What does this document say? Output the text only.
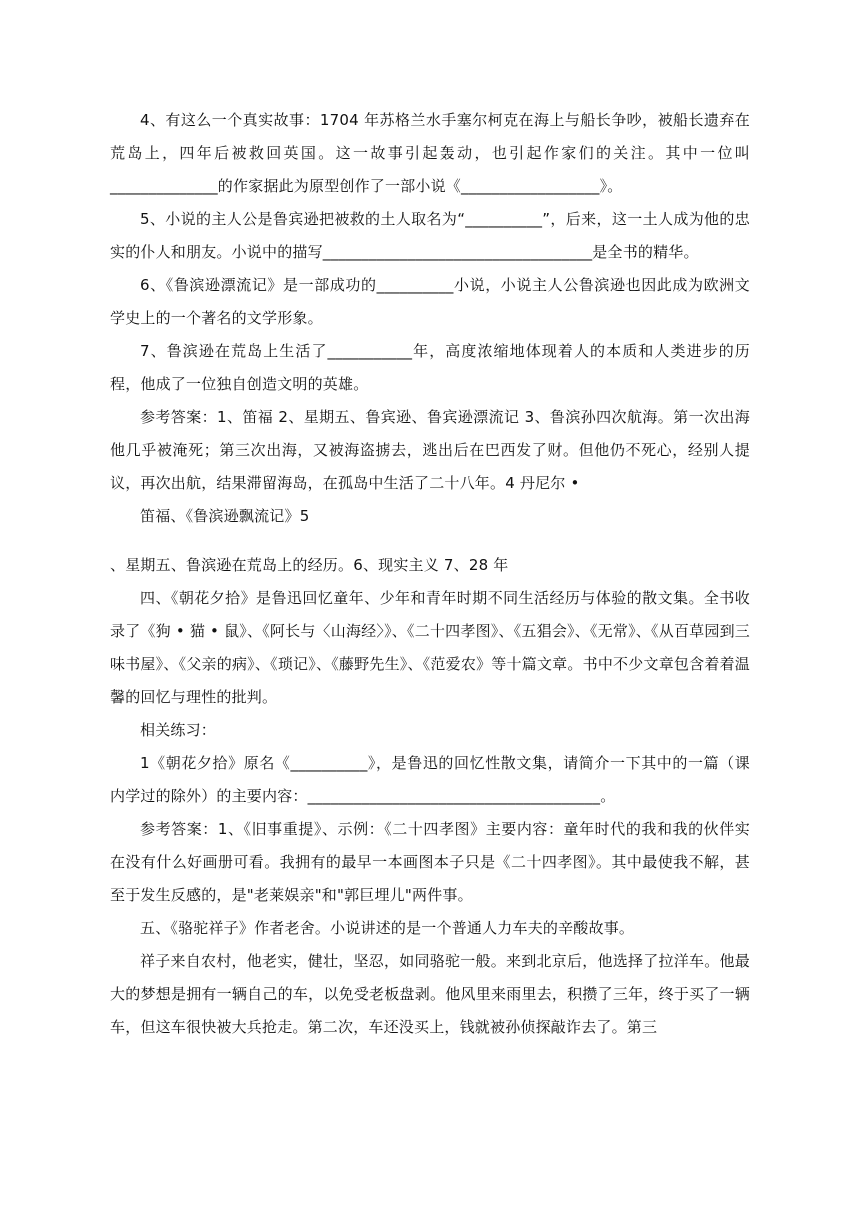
4、有这么一个真实故事：1704 年苏格兰水手塞尔柯克在海上与船长争吵，被船长遗弃在荒岛上，四年后被救回英国。这一故事引起轰动，也引起作家们的关注。其中一位叫______________的作家据此为原型创作了一部小说《__________________》。

5、小说的主人公是鲁宾逊把被救的土人取名为“__________”，后来，这一土人成为他的忠实的仆人和朋友。小说中的描写___________________________________是全书的精华。

6、《鲁滨逊漂流记》是一部成功的__________小说，小说主人公鲁滨逊也因此成为欧洲文学史上的一个著名的文学形象。

7、鲁滨逊在荒岛上生活了___________年，高度浓缩地体现着人的本质和人类进步的历程，他成了一位独自创造文明的英雄。

参考答案：1、笛福 2、星期五、鲁宾逊、鲁宾逊漂流记 3、鲁滨孙四次航海。第一次出海他几乎被淹死；第三次出海，又被海盗掳去，逃出后在巴西发了财。但他仍不死心，经别人提议，再次出航，结果滞留海岛，在孤岛中生活了二十八年。4 丹尼尔 •

笛福、《鲁滨逊飘流记》5

、星期五、鲁滨逊在荒岛上的经历。6、现实主义 7、28 年

四、《朝花夕拾》是鲁迅回忆童年、少年和青年时期不同生活经历与体验的散文集。全书收录了《狗 • 猫 • 鼠》、《阿长与〈山海经〉》、《二十四孝图》、《五猖会》、《无常》、《从百草园到三味书屋》、《父亲的病》、《琐记》、《藤野先生》、《范爱农》等十篇文章。书中不少文章包含着着温馨的回忆与理性的批判。

相关练习：

1《朝花夕拾》原名《__________》，是鲁迅的回忆性散文集，请简介一下其中的一篇（课内学过的除外）的主要内容：______________________________________。

参考答案：1、《旧事重提》、示例：《二十四孝图》主要内容：童年时代的我和我的伙伴实在没有什么好画册可看。我拥有的最早一本画图本子只是《二十四孝图》。其中最使我不解，甚至于发生反感的，是"老莱娱亲"和"郭巨埋儿"两件事。

五、《骆驼祥子》作者老舍。小说讲述的是一个普通人力车夫的辛酸故事。

祥子来自农村，他老实，健壮，坚忍，如同骆驼一般。来到北京后，他选择了拉洋车。他最大的梦想是拥有一辆自己的车，以免受老板盘剥。他风里来雨里去，积攒了三年，终于买了一辆车，但这车很快被大兵抢走。第二次，车还没买上，钱就被孙侦探敲诈去了。第三
